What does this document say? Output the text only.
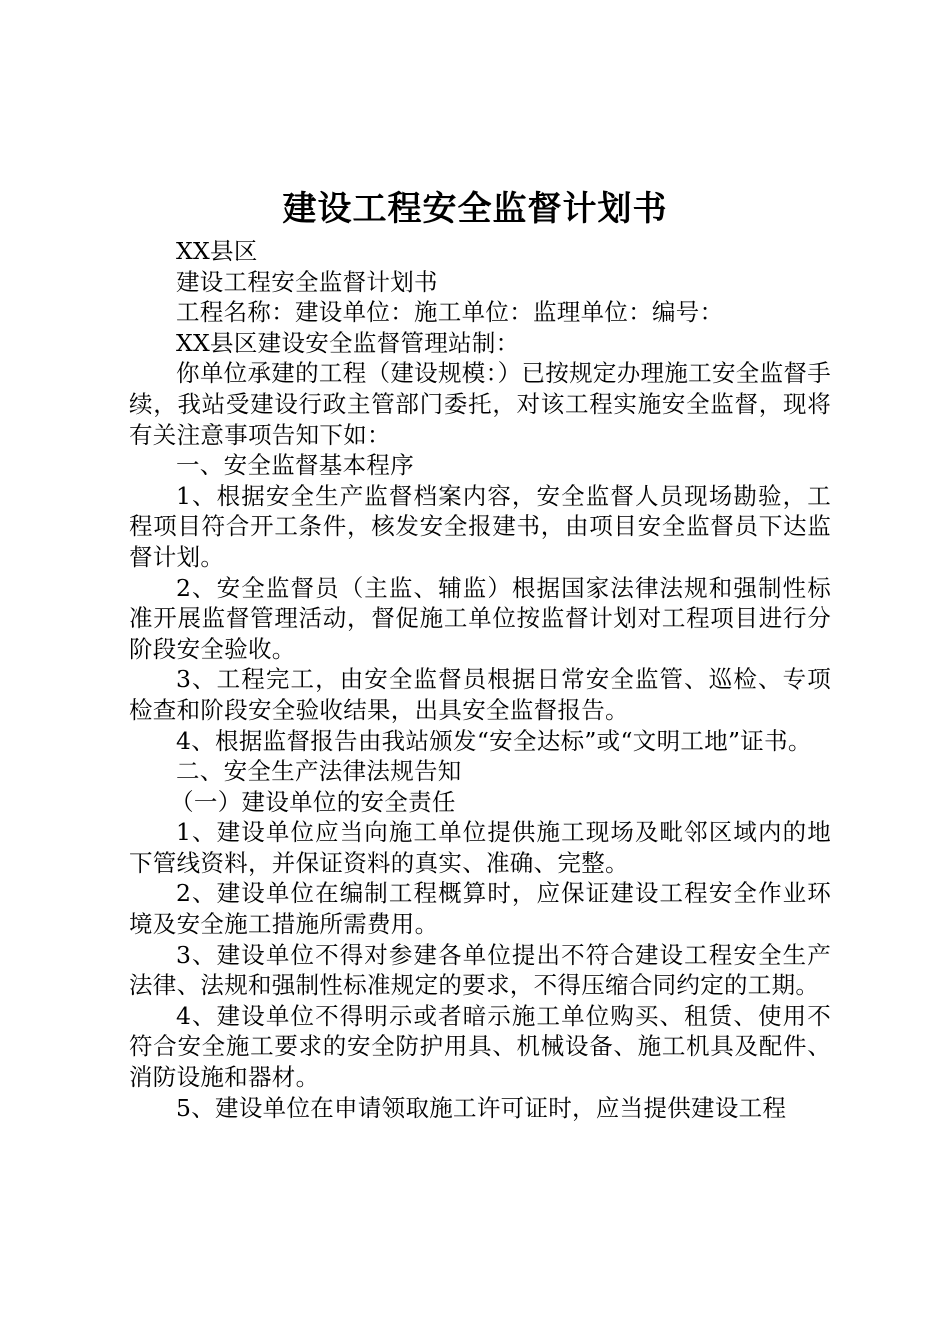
建设工程安全监督计划书

XX县区

建设工程安全监督计划书

工程名称：建设单位：施工单位：监理单位：编号：

XX县区建设安全监督管理站制：

你单位承建的工程（建设规模：）已按规定办理施工安全监督手续，我站受建设行政主管部门委托，对该工程实施安全监督，现将有关注意事项告知下如：

一、安全监督基本程序

1、根据安全生产监督档案内容，安全监督人员现场勘验，工程项目符合开工条件，核发安全报建书，由项目安全监督员下达监督计划。

2、安全监督员（主监、辅监）根据国家法律法规和强制性标准开展监督管理活动，督促施工单位按监督计划对工程项目进行分阶段安全验收。

3、工程完工，由安全监督员根据日常安全监管、巡检、专项检查和阶段安全验收结果，出具安全监督报告。

4、根据监督报告由我站颁发“安全达标”或“文明工地”证书。

二、安全生产法律法规告知

（一）建设单位的安全责任

1、建设单位应当向施工单位提供施工现场及毗邻区域内的地下管线资料，并保证资料的真实、准确、完整。

2、建设单位在编制工程概算时，应保证建设工程安全作业环境及安全施工措施所需费用。

3、建设单位不得对参建各单位提出不符合建设工程安全生产法律、法规和强制性标准规定的要求，不得压缩合同约定的工期。

4、建设单位不得明示或者暗示施工单位购买、租赁、使用不符合安全施工要求的安全防护用具、机械设备、施工机具及配件、消防设施和器材。

5、建设单位在申请领取施工许可证时，应当提供建设工程
